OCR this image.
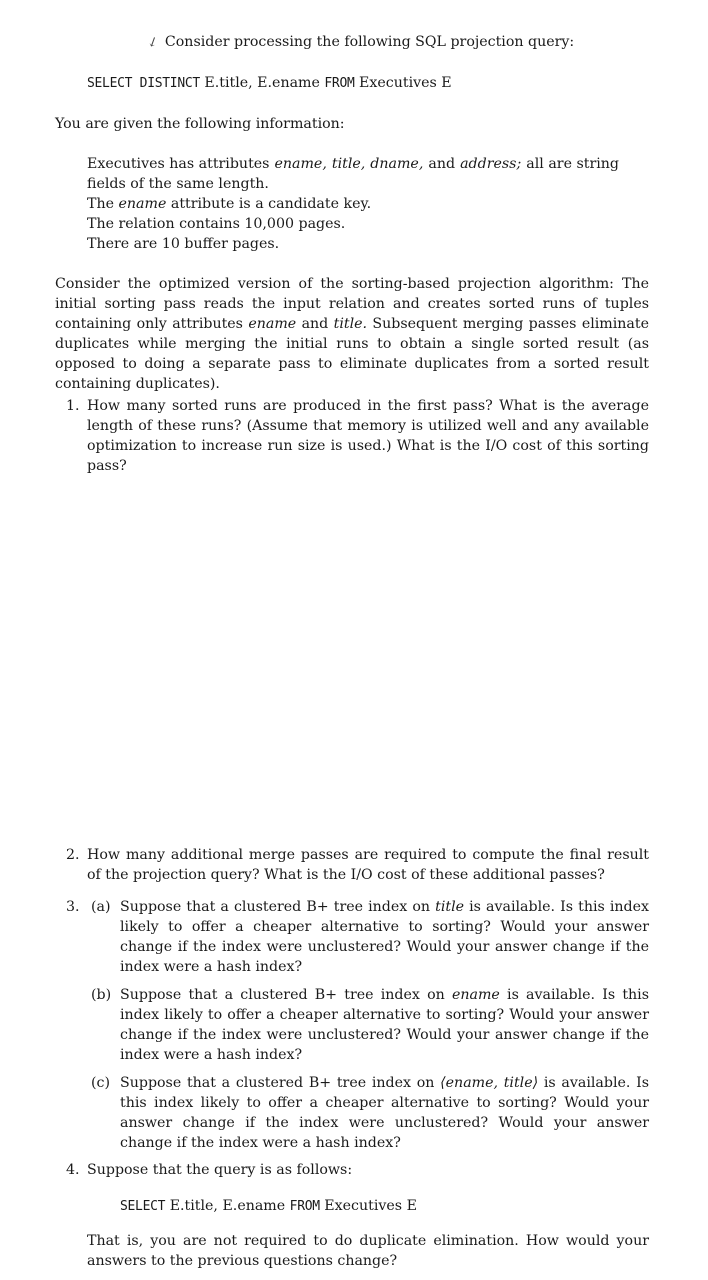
↙ Consider processing the following SQL projection query:
SELECT DISTINCT E.title, E.ename FROM Executives E
You are given the following information:
Executives has attributes ename, title, dname, and address; all are string
fields of the same length.
The ename attribute is a candidate key.
The relation contains 10,000 pages.
There are 10 buffer pages.
Consider the optimized version of the sorting-based projection algorithm: The initial sorting pass reads the input relation and creates sorted runs of tuples containing only attributes ename and title. Subsequent merging passes eliminate duplicates while merging the initial runs to obtain a single sorted result (as opposed to doing a separate pass to eliminate duplicates from a sorted result containing duplicates).
1. How many sorted runs are produced in the first pass? What is the average length of these runs? (Assume that memory is utilized well and any available optimization to increase run size is used.) What is the I/O cost of this sorting pass?
2. How many additional merge passes are required to compute the final result of the projection query? What is the I/O cost of these additional passes?
3. (a) Suppose that a clustered B+ tree index on title is available. Is this index likely to offer a cheaper alternative to sorting? Would your answer change if the index were unclustered? Would your answer change if the index were a hash index?
(b) Suppose that a clustered B+ tree index on ename is available. Is this index likely to offer a cheaper alternative to sorting? Would your answer change if the index were unclustered? Would your answer change if the index were a hash index?
(c) Suppose that a clustered B+ tree index on ⟨ename, title⟩ is available. Is this index likely to offer a cheaper alternative to sorting? Would your answer change if the index were unclustered? Would your answer change if the index were a hash index?
4. Suppose that the query is as follows:
SELECT E.title, E.ename FROM Executives E
That is, you are not required to do duplicate elimination. How would your answers to the previous questions change?
